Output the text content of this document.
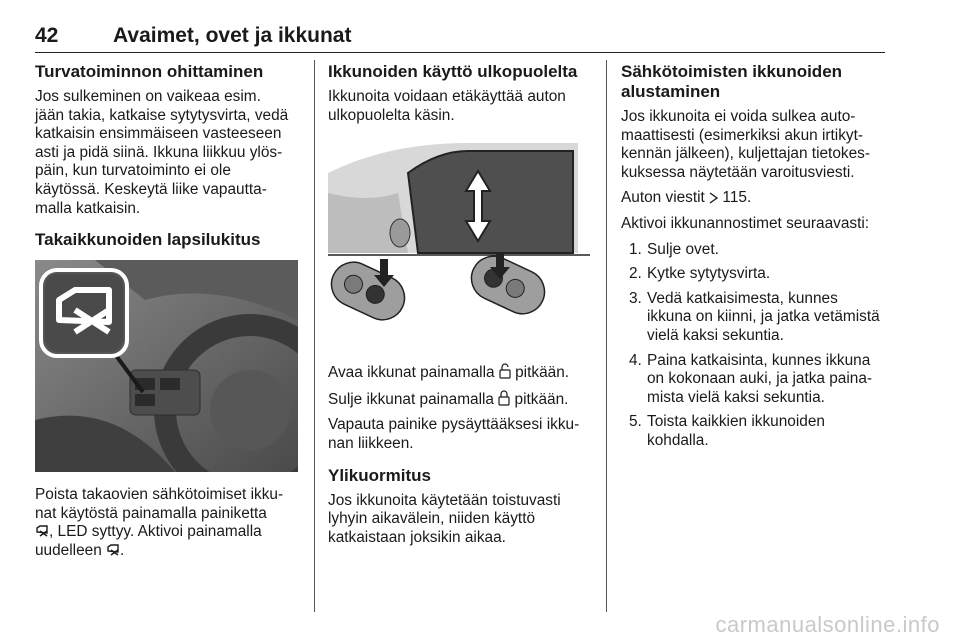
42	Avaimet, ovet ja ikkunat
Turvatoiminnon ohittaminen

Jos sulkeminen on vaikeaa esim.
jään takia, katkaise sytytysvirta, vedä
katkaisin ensimmäiseen vasteeseen
asti ja pidä siinä. Ikkuna liikkuu ylös-
päin, kun turvatoiminto ei ole
käytössä. Keskeytä liike vapautta-
malla katkaisin.

Takaikkunoiden lapsilukitus

Poista takaovien sähkötoimiset ikku-
nat käytöstä painamalla painiketta
, LED syttyy. Aktivoi painamalla
uudelleen .

Ikkunoiden käyttö ulkopuolelta

Ikkunoita voidaan etäkäyttää auton
ulkopuolelta käsin.

Avaa ikkunat painamalla pitkään.

Sulje ikkunat painamalla pitkään.

Vapauta painike pysäyttääksesi ikku-
nan liikkeen.

Ylikuormitus

Jos ikkunoita käytetään toistuvasti
lyhyin aikavälein, niiden käyttö
katkaistaan joksikin aikaa.

Sähkötoimisten ikkunoiden
alustaminen

Jos ikkunoita ei voida sulkea auto-
maattisesti (esimerkiksi akun irtikyt-
kennän jälkeen), kuljettajan tietokes-
kuksessa näytetään varoitusviesti.

Auton viestit 115.

Aktivoi ikkunannostimet seuraavasti:

1. Sulje ovet.
2. Kytke sytytysvirta.
3. Vedä katkaisimesta, kunnes
ikkuna on kiinni, ja jatka vetämistä
vielä kaksi sekuntia.
4. Paina katkaisinta, kunnes ikkuna
on kokonaan auki, ja jatka paina-
mista vielä kaksi sekuntia.
5. Toista kaikkien ikkunoiden
kohdalla.
carmanualsonline.info
